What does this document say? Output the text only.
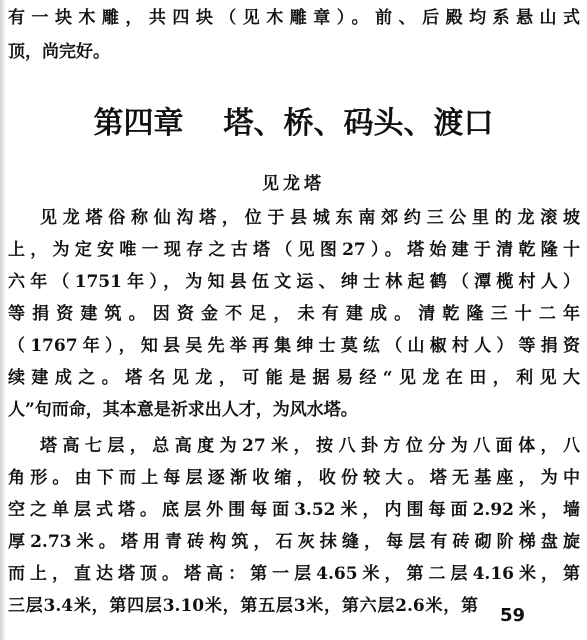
有一块木雕，共四块（见木雕章）。前、后殿均系悬山式
顶，尚完好。
第四章 塔、桥、码头、渡口
见龙塔
见龙塔俗称仙沟塔，位于县城东南郊约三公里的龙滚坡
上，为定安唯一现存之古塔（见图27）。塔始建于清乾隆十
六年（1751年），为知县伍文运、绅士林起鹤（潭榄村人）
等捐资建筑。因资金不足，未有建成。清乾隆三十二年
（1767年），知县吴先举再集绅士莫纮（山椒村人）等捐资
续建成之。塔名见龙，可能是据易经“见龙在田，利见大
人”句而命，其本意是祈求出人才，为风水塔。
塔高七层，总高度为27米，按八卦方位分为八面体，八
角形。由下而上每层逐渐收缩，收份较大。塔无基座，为中
空之单层式塔。底层外围每面3.52米，内围每面2.92米，墙
厚2.73米。塔用青砖构筑，石灰抹缝，每层有砖砌阶梯盘旋
而上，直达塔顶。塔高：第一层4.65米，第二层4.16米，第
三层3.4米，第四层3.10米，第五层3米，第六层2.6米，第 59
